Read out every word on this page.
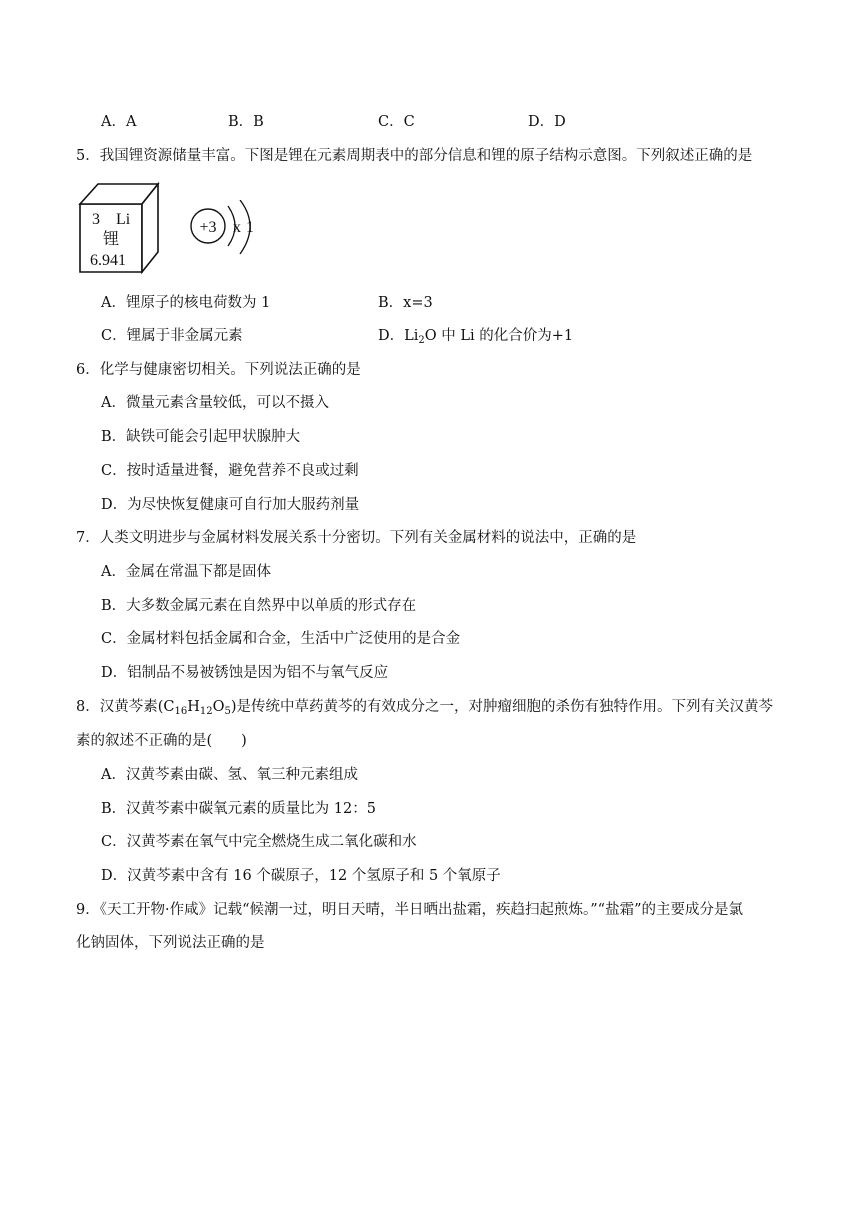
A．A	B．B	C．C	D．D
5．我国锂资源储量丰富。下图是锂在元素周期表中的部分信息和锂的原子结构示意图。下列叙述正确的是
3 Li
锂
6.941
+3 x 1
A．锂原子的核电荷数为 1	B．x=3
C．锂属于非金属元素	D．$Li_2O$ 中 Li 的化合价为+1
6．化学与健康密切相关。下列说法正确的是
A．微量元素含量较低，可以不摄入
B．缺铁可能会引起甲状腺肿大
C．按时适量进餐，避免营养不良或过剩
D．为尽快恢复健康可自行加大服药剂量
7．人类文明进步与金属材料发展关系十分密切。下列有关金属材料的说法中，正确的是
A．金属在常温下都是固体
B．大多数金属元素在自然界中以单质的形式存在
C．金属材料包括金属和合金，生活中广泛使用的是合金
D．铝制品不易被锈蚀是因为铝不与氧气反应
8．汉黄芩素$(C_{16}H_{12}O_5)$是传统中草药黄芩的有效成分之一，对肿瘤细胞的杀伤有独特作用。下列有关汉黄芩
素的叙述不正确的是(　　)
A．汉黄芩素由碳、氢、氧三种元素组成
B．汉黄芩素中碳氧元素的质量比为 12：5
C．汉黄芩素在氧气中完全燃烧生成二氧化碳和水
D．汉黄芩素中含有 16 个碳原子，12 个氢原子和 5 个氧原子
9．《天工开物·作咸》记载“候潮一过，明日天晴，半日晒出盐霜，疾趋扫起煎炼。”“盐霜”的主要成分是氯
化钠固体，下列说法正确的是
